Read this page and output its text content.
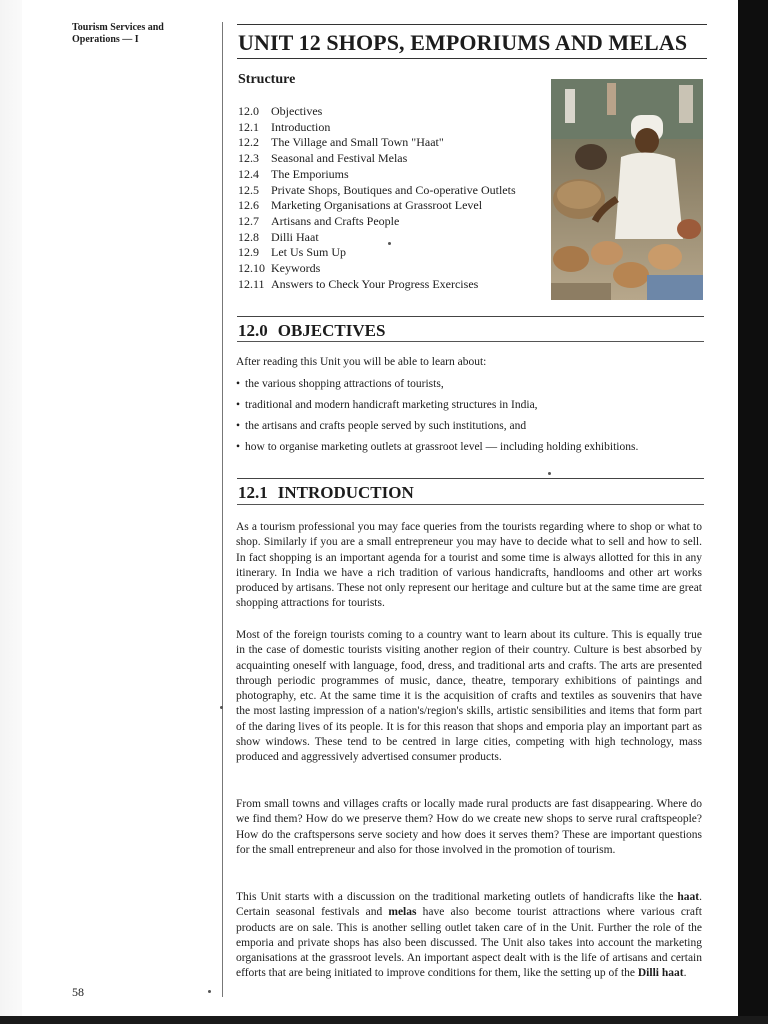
Tourism Services and Operations — I	UNIT 12 SHOPS, EMPORIUMS AND MELAS
Structure
12.0 Objectives
12.1 Introduction
12.2 The Village and Small Town "Haat"
12.3 Seasonal and Festival Melas
12.4 The Emporiums
12.5 Private Shops, Boutiques and Co-operative Outlets
12.6 Marketing Organisations at Grassroot Level
12.7 Artisans and Crafts People
12.8 Dilli Haat
12.9 Let Us Sum Up
12.10 Keywords
12.11 Answers to Check Your Progress Exercises
12.0 OBJECTIVES

After reading this Unit you will be able to learn about:

• the various shopping attractions of tourists,
• traditional and modern handicraft marketing structures in India,
• the artisans and crafts people served by such institutions, and
• how to organise marketing outlets at grassroot level — including holding exhibitions.
12.1 INTRODUCTION

As a tourism professional you may face queries from the tourists regarding where to shop or what to shop. Similarly if you are a small entrepreneur you may have to decide what to sell and how to sell. In fact shopping is an important agenda for a tourist and some time is always allotted for this in any itinerary. In India we have a rich tradition of various handicrafts, handlooms and other art works produced by artisans. These not only represent our heritage and culture but at the same time are great shopping attractions for tourists.

Most of the foreign tourists coming to a country want to learn about its culture. This is equally true in the case of domestic tourists visiting another region of their country. Culture is best absorbed by acquainting oneself with language, food, dress, and traditional arts and crafts. The arts are presented through periodic programmes of music, dance, theatre, temporary exhibitions of paintings and photography, etc. At the same time it is the acquisition of crafts and textiles as souvenirs that have the most lasting impression of a nation's/region's skills, artistic sensibilities and items that form part of the daring lives of its people. It is for this reason that shops and emporia play an important part as show windows. These tend to be centred in large cities, competing with high technology, mass produced and aggressively advertised consumer products.

From small towns and villages crafts or locally made rural products are fast disappearing. Where do we find them? How do we preserve them? How do we create new shops to serve rural craftspeople? How do the craftspersons serve society and how does it serves them? These are important questions for the small entrepreneur and also for those involved in the promotion of tourism.

This Unit starts with a discussion on the traditional marketing outlets of handicrafts like the haat. Certain seasonal festivals and melas have also become tourist attractions where various craft products are on sale. This is another selling outlet taken care of in the Unit. Further the role of the emporia and private shops has also been discussed. The Unit also takes into account the marketing organisations at the grassroot levels. An important aspect dealt with is the life of artisans and certain efforts that are being initiated to improve conditions for them, like the setting up of the Dilli haat.

58
